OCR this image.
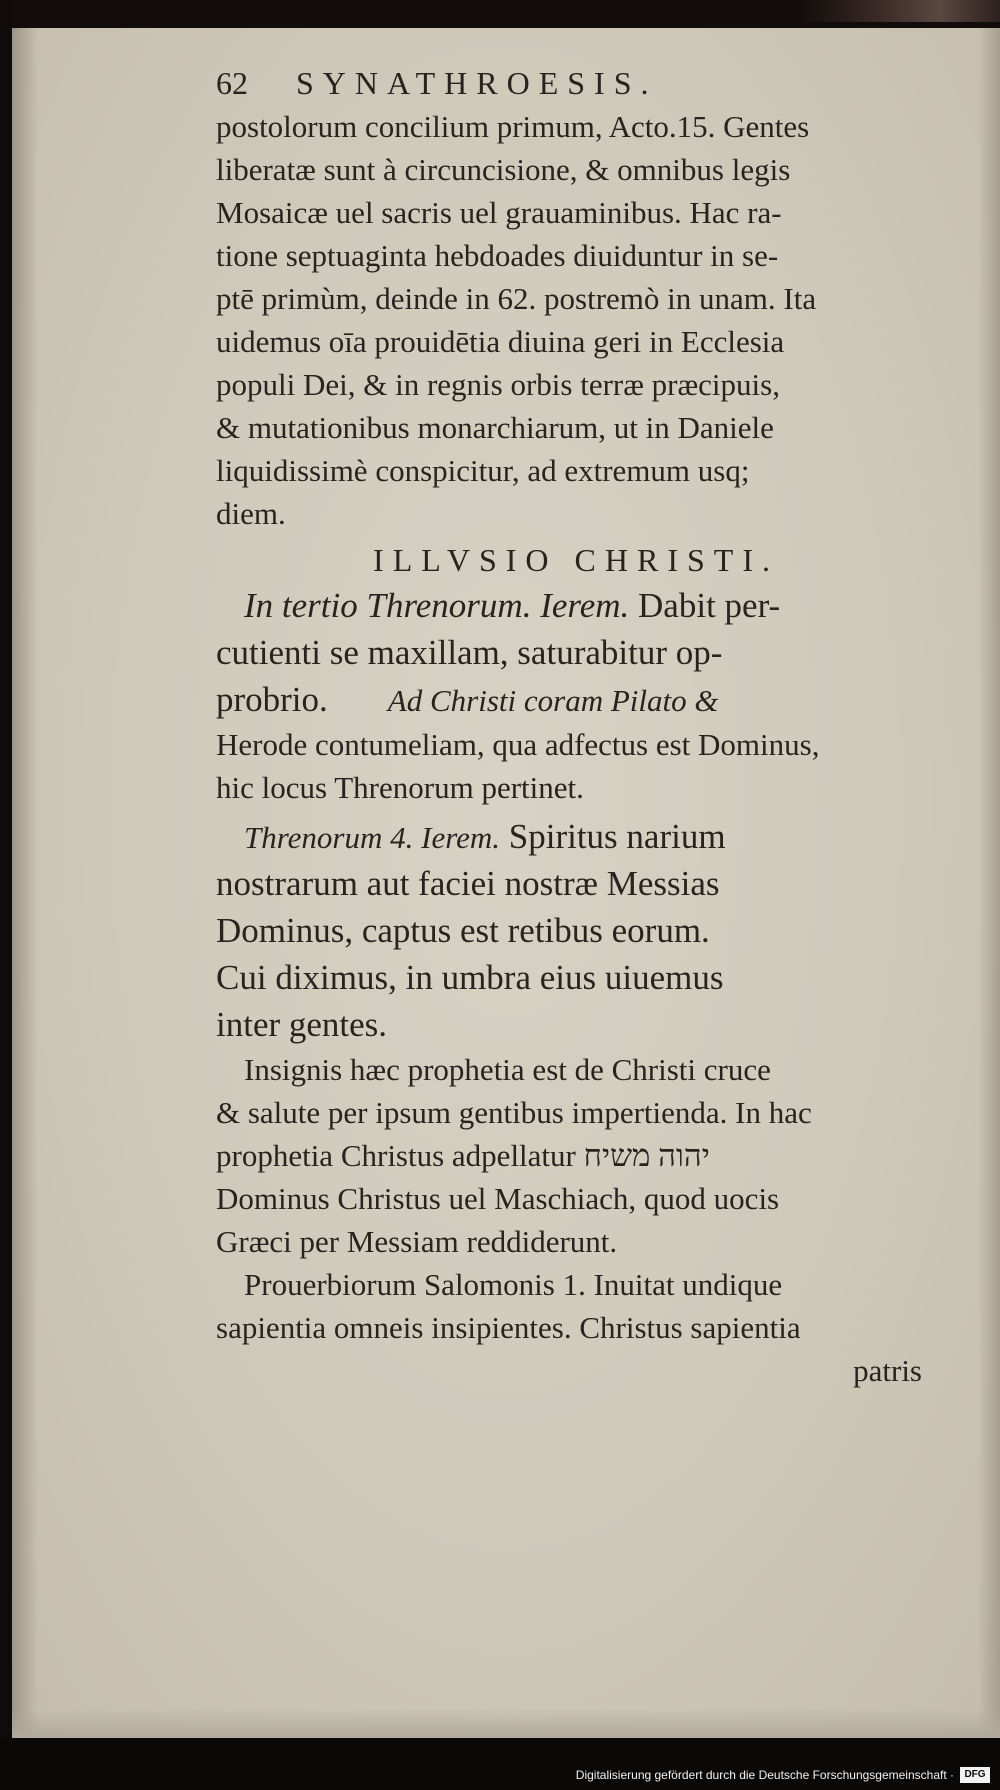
62 SYNATHROESIS.
postolorum concilium primum, Acto.15. Gentes
liberatæ sunt à circuncisione, & omnibus legis
Mosaicæ uel sacris uel grauaminibus. Hac ra-
tione septuaginta hebdoades diuiduntur in se-
ptē primùm, deinde in 62. postremò in unam. Ita
uidemus oīa prouidētia diuina geri in Ecclesia
populi Dei, & in regnis orbis terræ præcipuis,
& mutationibus monarchiarum, ut in Daniele
liquidissimè conspicitur, ad extremum usq;
diem.
ILLVSIO CHRISTI.
In tertio Threnorum. Ierem. Dabit per-
cutienti se maxillam, saturabitur op-
probrio. Ad Christi coram Pilato &
Herode contumeliam, qua adfectus est Dominus,
hic locus Threnorum pertinet.
Threnorum 4. Ierem. Spiritus narium
nostrarum aut faciei nostræ Messias
Dominus, captus est retibus eorum.
Cui diximus, in umbra eius uiuemus
inter gentes.
Insignis hæc prophetia est de Christi cruce
& salute per ipsum gentibus impertienda. In hac
prophetia Christus adpellatur יהוה משיח
Dominus Christus uel Maschiach, quod uocis
Græci per Messiam reddiderunt.
Prouerbiorum Salomonis 1. Inuitat undique
sapientia omneis insipientes. Christus sapientia
patris
Digitalisierung gefördert durch die Deutsche Forschungsgemeinschaft ·	DFG
